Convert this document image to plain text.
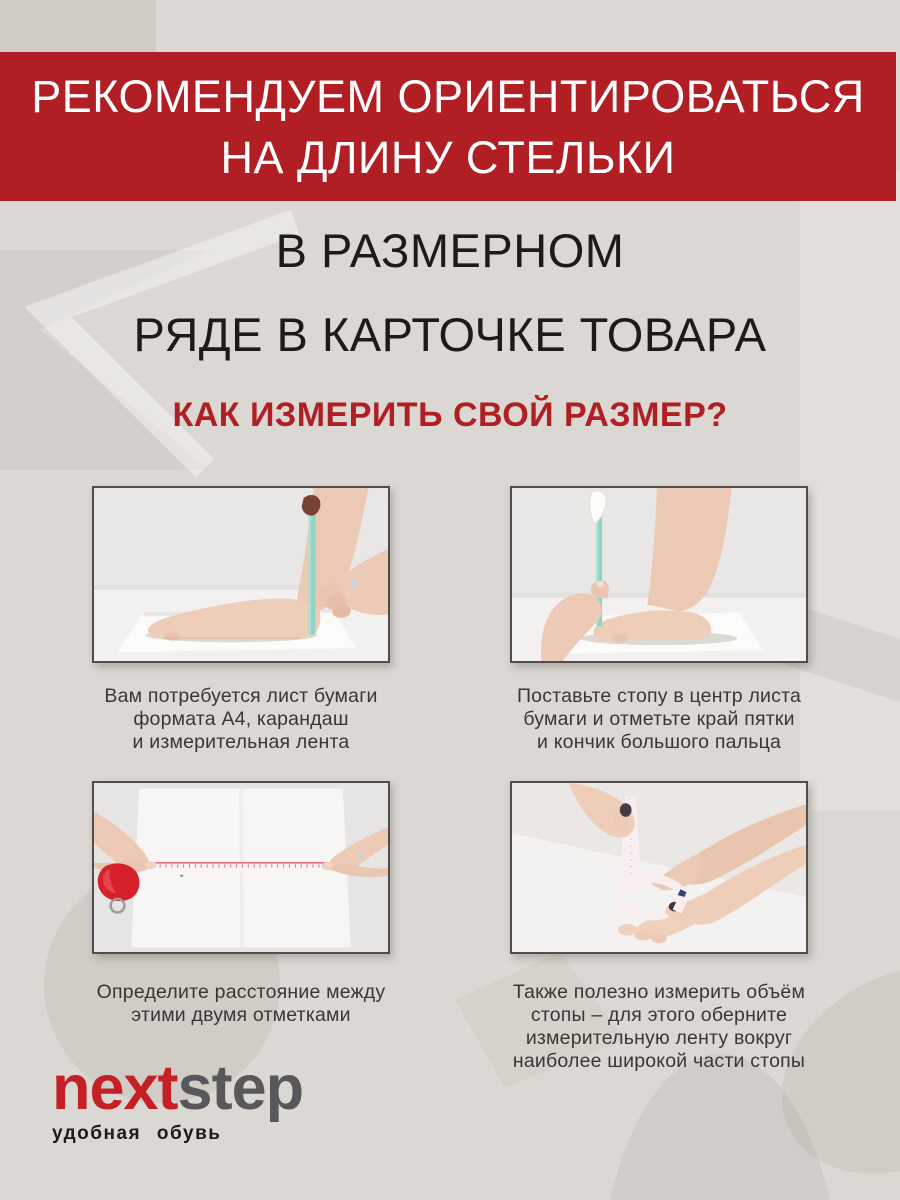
РЕКОМЕНДУЕМ ОРИЕНТИРОВАТЬСЯ
НА ДЛИНУ СТЕЛЬКИ
В РАЗМЕРНОМ
РЯДЕ В КАРТОЧКЕ ТОВАРА
КАК ИЗМЕРИТЬ СВОЙ РАЗМЕР?
Вам потребуется лист бумаги
формата А4, карандаш
и измерительная лента
Поставьте стопу в центр листа
бумаги и отметьте край пятки
и кончик большого пальца
Определите расстояние между
этими двумя отметками
Также полезно измерить объём
стопы – для этого оберните
измерительную ленту вокруг
наиболее широкой части стопы
nextstep
удобная обувь
